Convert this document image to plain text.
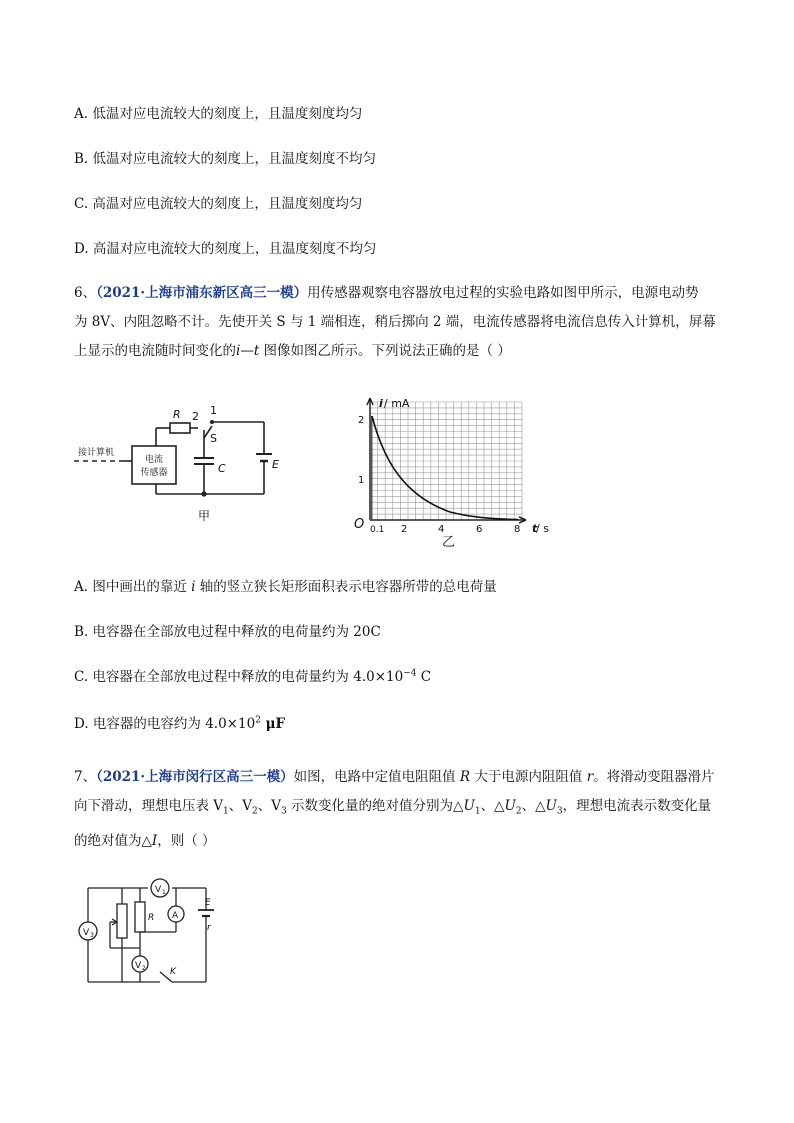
A. 低温对应电流较大的刻度上，且温度刻度均匀
B. 低温对应电流较大的刻度上，且温度刻度不均匀
C. 高温对应电流较大的刻度上，且温度刻度均匀
D. 高温对应电流较大的刻度上，且温度刻度不均匀
6、（2021·上海市浦东新区高三一模）用传感器观察电容器放电过程的实验电路如图甲所示，电源电动势
为 8V、内阻忽略不计。先使开关 S 与 1 端相连，稍后掷向 2 端，电流传感器将电流信息传入计算机，屏幕
上显示的电流随时间变化的i—t 图像如图乙所示。下列说法正确的是（ ）
R 2 1
S
C	E
接计算机
电流
传感器
甲
i / mA
2
1
O 0.1 2	4	6	8 t
/ s
乙
A. 图中画出的靠近 i 轴的竖立狭长矩形面积表示电容器所带的总电荷量
B. 电容器在全部放电过程中释放的电荷量约为 20C
C. 电容器在全部放电过程中释放的电荷量约为 $4.0\times 10^{-4}$ C
D. 电容器的电容约为 $4.0\times 10^2$ μF
7、（2021·上海市闵行区高三一模）如图，电路中定值电阻阻值 R 大于电源内阻阻值 r。将滑动变阻器滑片
向下滑动，理想电压表 $V_1$、$V_2$、$V_3$ 示数变化量的绝对值分别为$\triangle U_1$、$\triangle U_2$、$\triangle U_3$，理想电流表示数变化量
的绝对值为△I，则（ ）
V 1
V 3
V 2
A
R
E
r
K
